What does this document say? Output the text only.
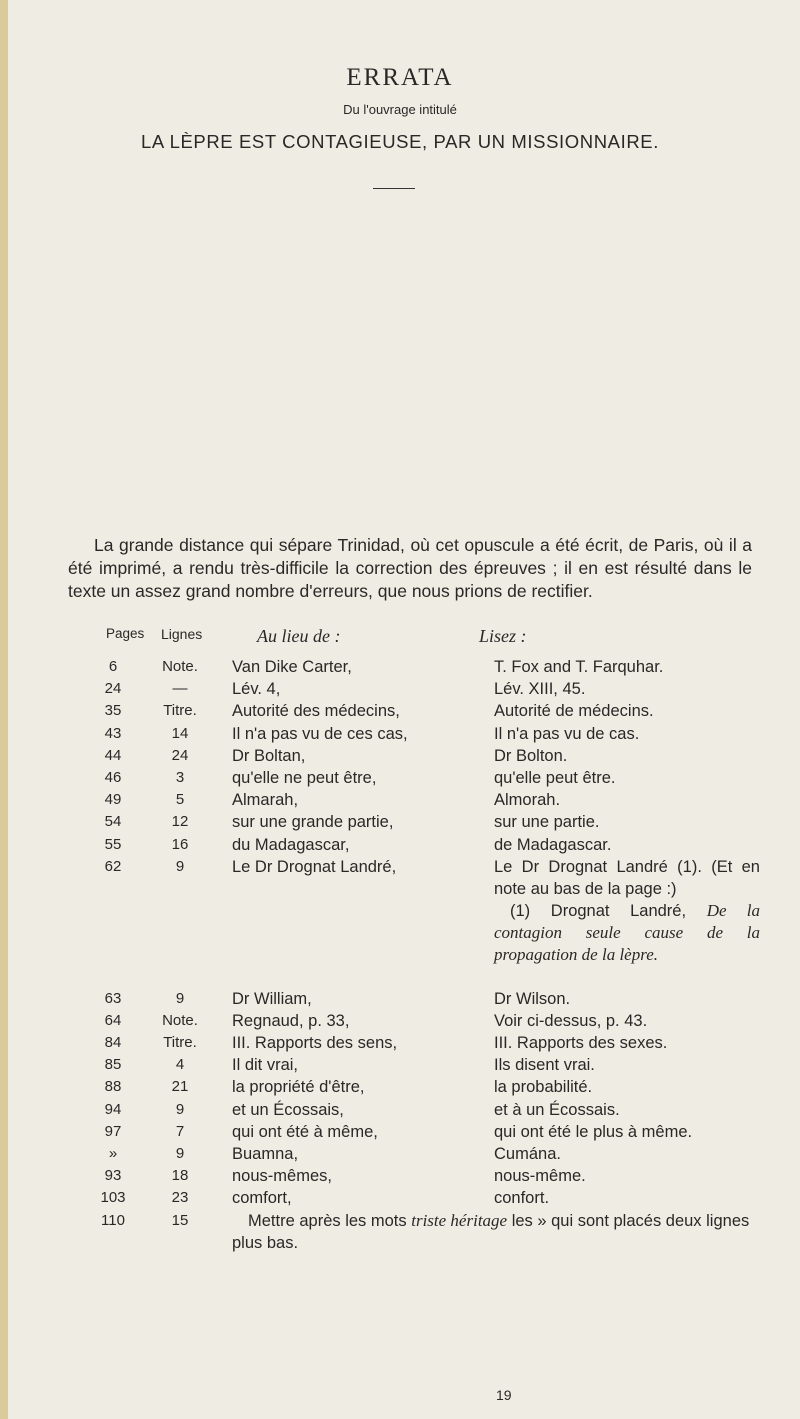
ERRATA
Du l'ouvrage intitulé
LA LÈPRE EST CONTAGIEUSE, PAR UN MISSIONNAIRE.

La grande distance qui sépare Trinidad, où cet opuscule a été écrit, de Paris, où il a été imprimé, a rendu très-difficile la correction des épreuves ; il en est résulté dans le texte un assez grand nombre d'erreurs, que nous prions de rectifier.

Pages Lignes	Au lieu de :	Lisez :
6	Note. Van Dike Carter,	T. Fox and T. Farquhar.
24	—	Lév. 4,	Lév. XIII, 45.
35	Titre. Autorité des médecins,	Autorité de médecins.
43	14	Il n'a pas vu de ces cas,	Il n'a pas vu de cas.
44	24	Dr Boltan,	Dr Bolton.
46	3	qu'elle ne peut être,	qu'elle peut être.
49	5	Almarah,	Almorah.
54	12	sur une grande partie,	sur une partie.
55	16	du Madagascar,	de Madagascar.
62	9	Le Dr Drognat Landré,	Le Dr Drognat Landré (1). (Et en note au bas de la page :)
(1) Drognat Landré, De la contagion seule cause de la propagation de la lèpre.
63	9	Dr William,	Dr Wilson.
64	Note. Regnaud, p. 33,	Voir ci-dessus, p. 43.
84	Titre. III. Rapports des sens,	III. Rapports des sexes.
85	4	Il dit vrai,	Ils disent vrai.
88	21	la propriété d'être,	la probabilité.
94	9	et un Écossais,	et à un Écossais.
97	7	qui ont été à même,	qui ont été le plus à même.
»	9	Buamna,	Cumána.
93	18	nous-mêmes,	nous-même.
103	23	comfort,	confort.
110	15	Mettre après les mots triste héritage les » qui sont placés deux lignes plus bas.
19
